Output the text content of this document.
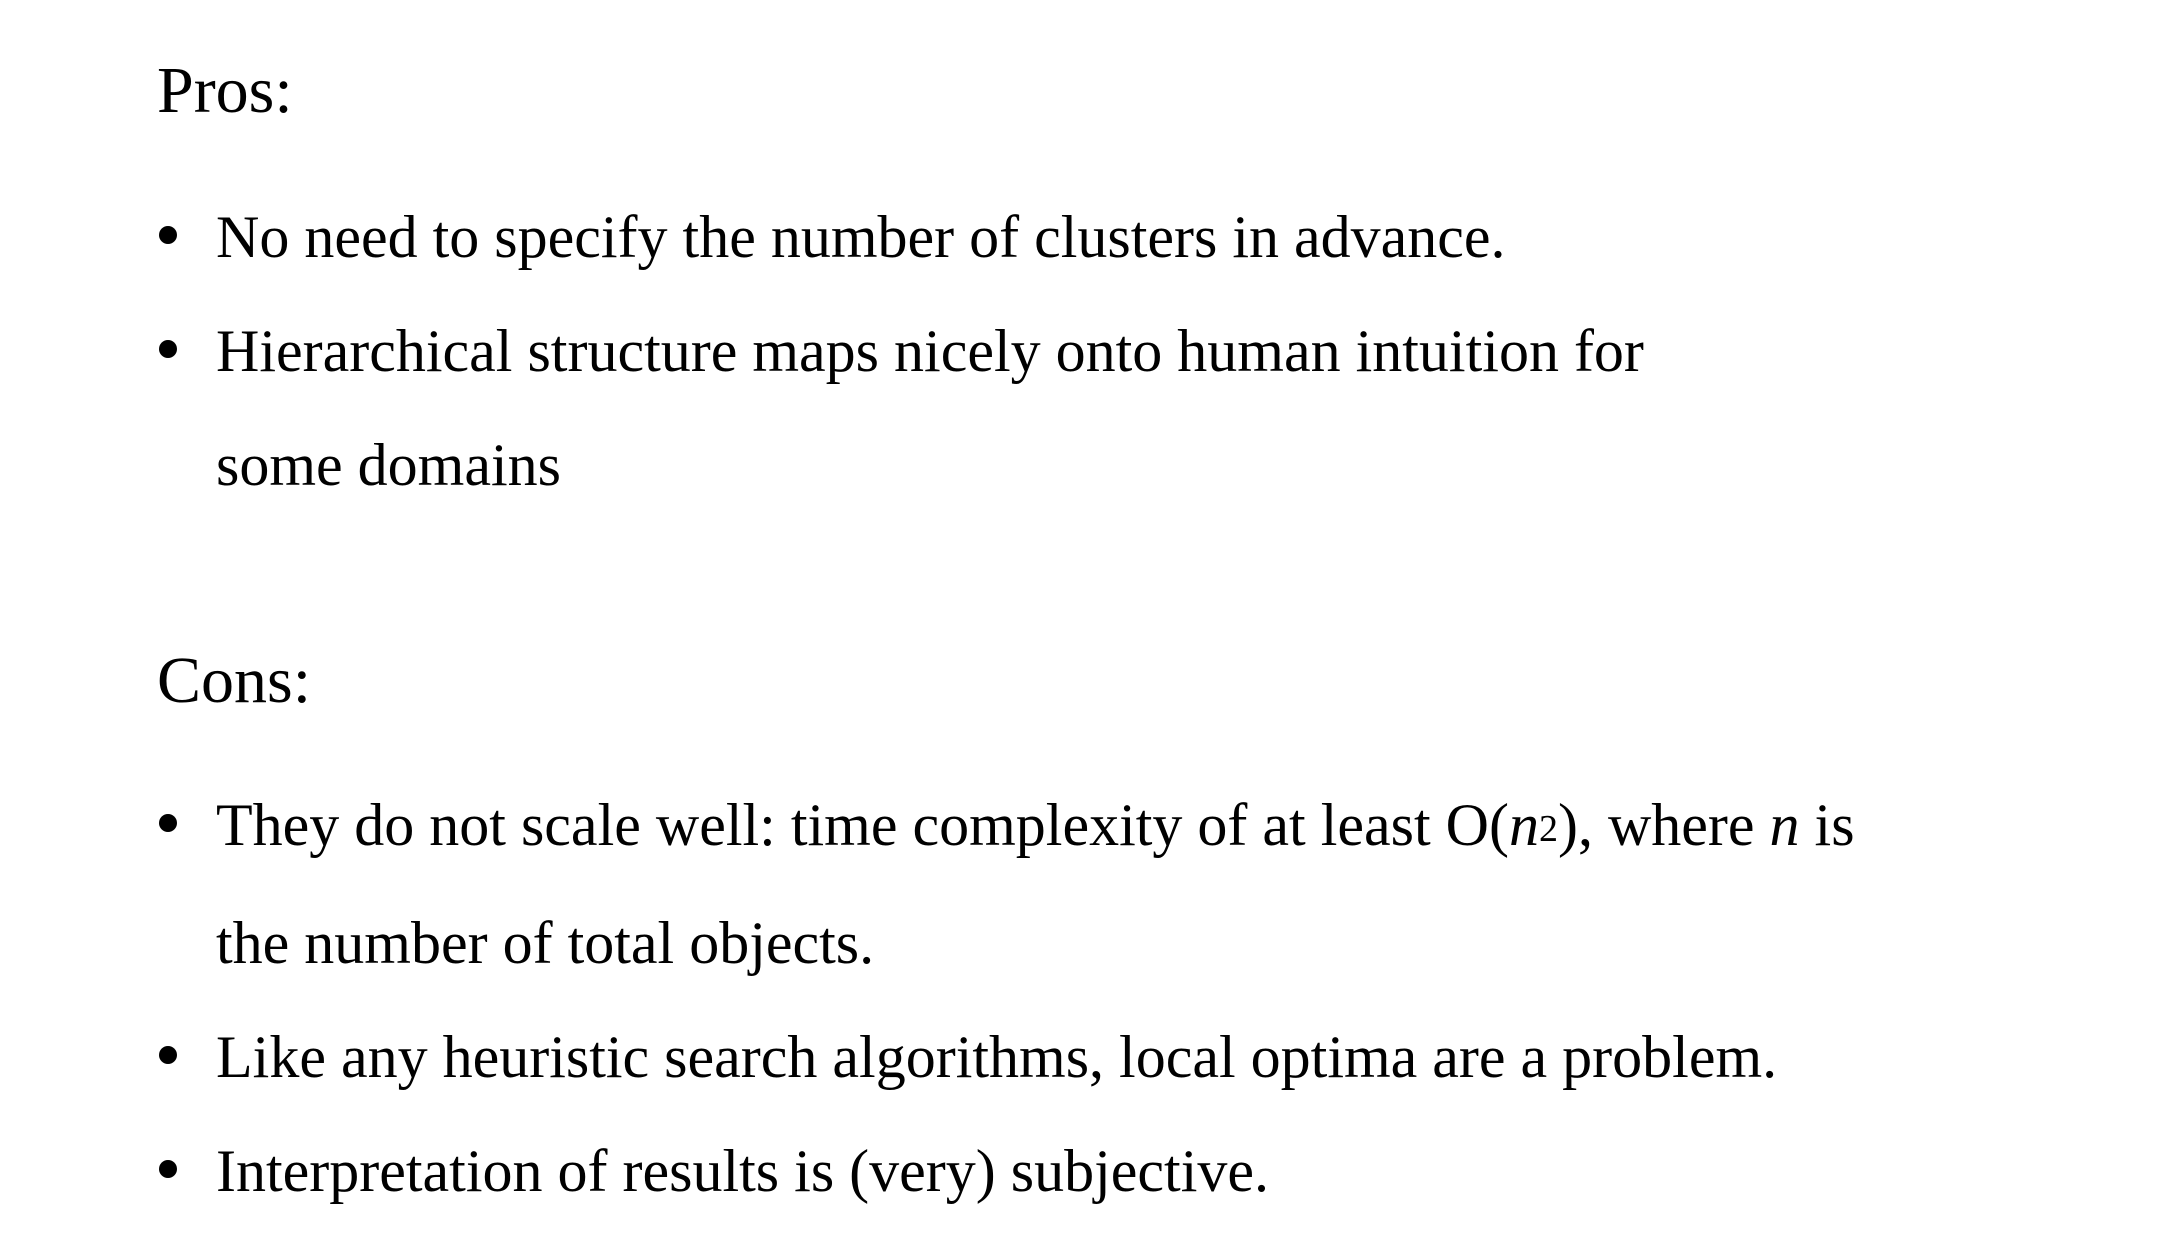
Pros:
No need to specify the number of clusters in advance.
Hierarchical structure maps nicely onto human intuition for
some domains
Cons:
They do not scale well: time complexity of at least O(n2), where n is
the number of total objects.
Like any heuristic search algorithms, local optima are a problem.
Interpretation of results is (very) subjective.
